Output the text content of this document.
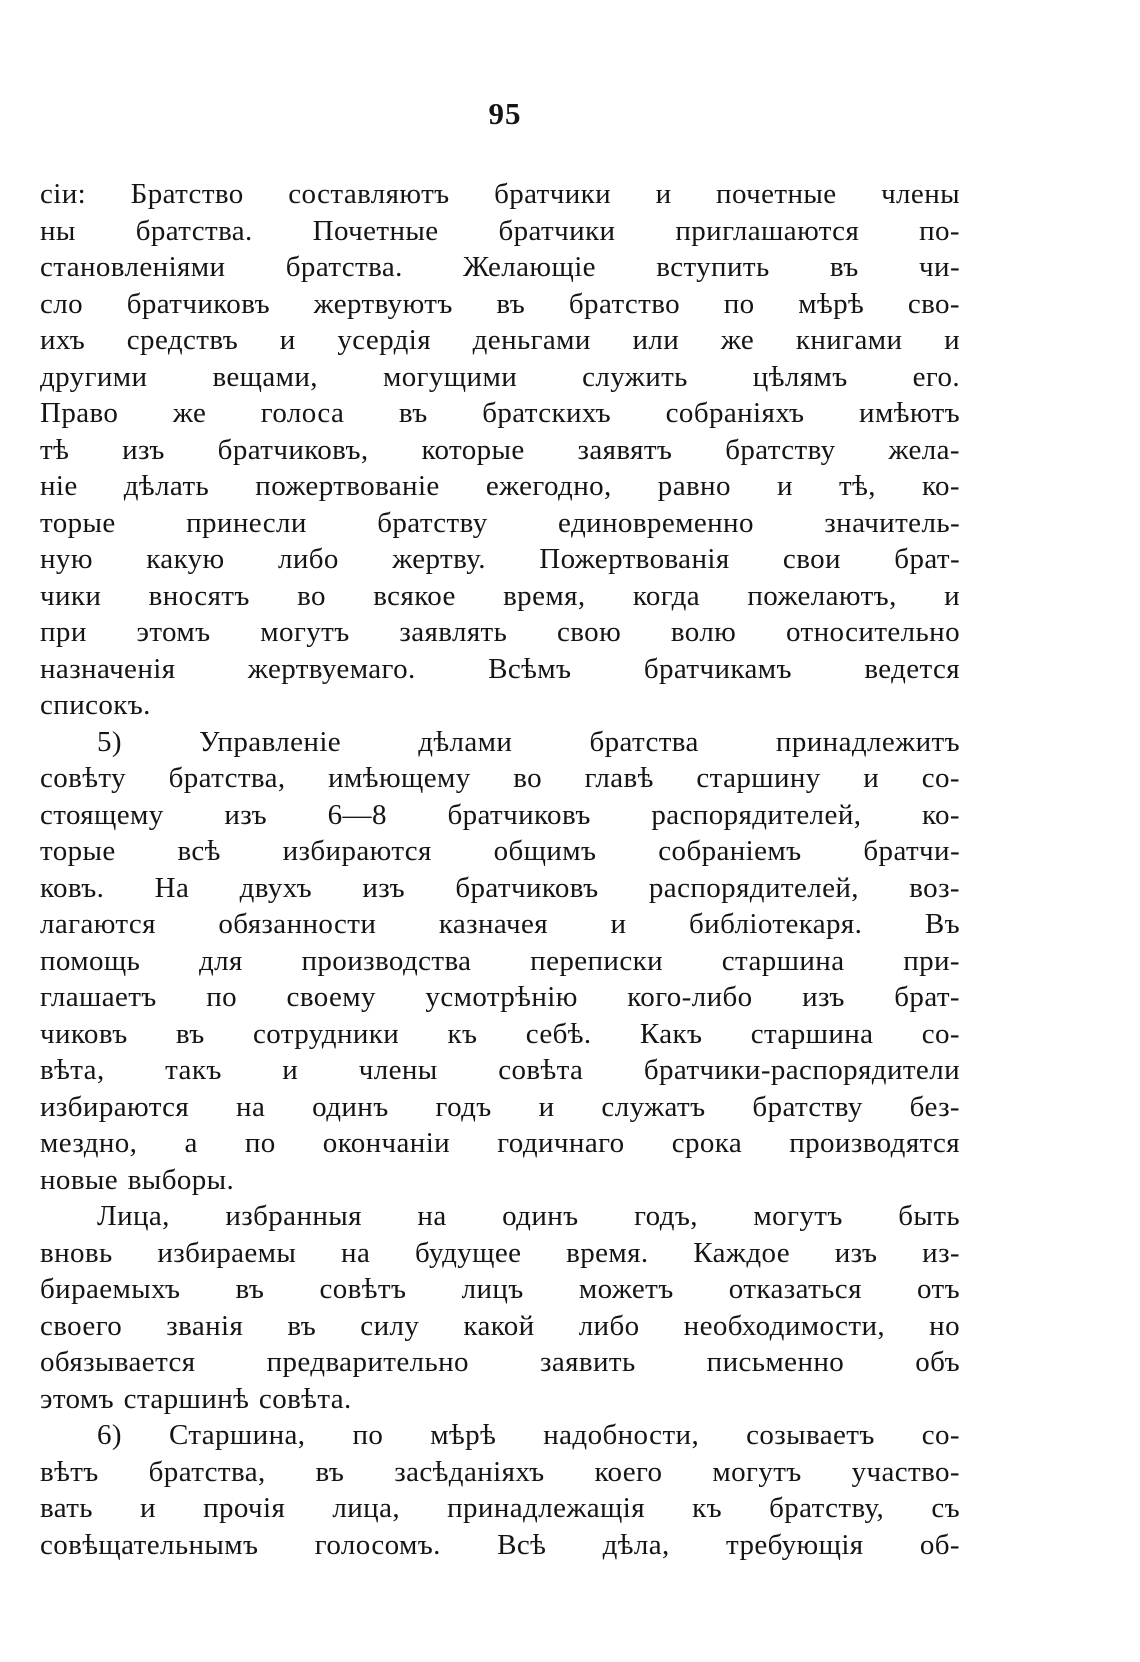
95
сіи: Братство составляютъ братчики и почетные члены
ны братства. Почетные братчики приглашаются по-
становленіями братства. Желающіе вступить въ чи-
сло братчиковъ жертвуютъ въ братство по мѣрѣ сво-
ихъ средствъ и усердія деньгами или же книгами и
другими вещами, могущими служить цѣлямъ его.
Право же голоса въ братскихъ собраніяхъ имѣютъ
тѣ изъ братчиковъ, которые заявятъ братству жела-
ніе дѣлать пожертвованіе ежегодно, равно и тѣ, ко-
торые принесли братству единовременно значитель-
ную какую либо жертву. Пожертвованія свои брат-
чики вносятъ во всякое время, когда пожелаютъ, и
при этомъ могутъ заявлять свою волю относительно
назначенія жертвуемаго. Всѣмъ братчикамъ ведется
списокъ.
5) Управленіе дѣлами братства принадлежитъ
совѣту братства, имѣющему во главѣ старшину и со-
стоящему изъ 6—8 братчиковъ распорядителей, ко-
торые всѣ избираются общимъ собраніемъ братчи-
ковъ. На двухъ изъ братчиковъ распорядителей, воз-
лагаются обязанности казначея и библіотекаря. Въ
помощь для производства переписки старшина при-
глашаетъ по своему усмотрѣнію кого-либо изъ брат-
чиковъ въ сотрудники къ себѣ. Какъ старшина со-
вѣта, такъ и члены совѣта братчики-распорядители
избираются на одинъ годъ и служатъ братству без-
мездно, а по окончаніи годичнаго срока производятся
новые выборы.
Лица, избранныя на одинъ годъ, могутъ быть
вновь избираемы на будущее время. Каждое изъ из-
бираемыхъ въ совѣтъ лицъ можетъ отказаться отъ
своего званія въ силу какой либо необходимости, но
обязывается предварительно заявить письменно объ
этомъ старшинѣ совѣта.
6) Старшина, по мѣрѣ надобности, созываетъ со-
вѣтъ братства, въ засѣданіяхъ коего могутъ участво-
вать и прочія лица, принадлежащія къ братству, съ
совѣщательнымъ голосомъ. Всѣ дѣла, требующія об-
